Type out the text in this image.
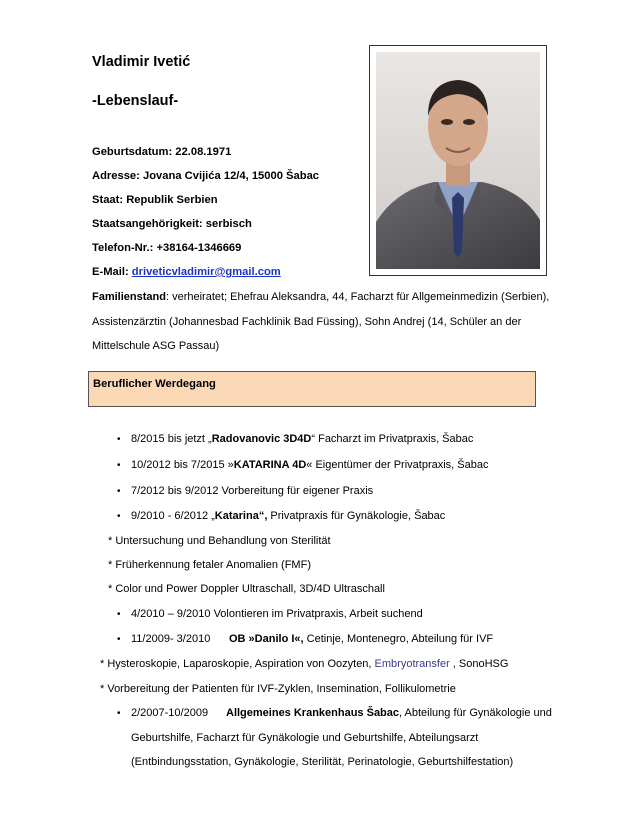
Vladimir Ivetić
-Lebenslauf-
Geburtsdatum: 22.08.1971
Adresse: Jovana Cvijića 12/4, 15000 Šabac
Staat: Republik Serbien
Staatsangehörigkeit: serbisch
Telefon-Nr.: +38164-1346669
E-Mail: driveticvladimir@gmail.com
Familienstand: verheiratet; Ehefrau Aleksandra, 44, Facharzt für Allgemeinmedizin (Serbien),
Assistenzärztin (Johannesbad Fachklinik Bad Füssing), Sohn Andrej (14, Schüler an der
Mittelschule ASG Passau)
Beruflicher Werdegang
• 8/2015 bis jetzt „Radovanovic 3D4D“ Facharzt im Privatpraxis, Šabac
• 10/2012 bis 7/2015 »KATARINA 4D« Eigentümer der Privatpraxis, Šabac
• 7/2012 bis 9/2012 Vorbereitung für eigener Praxis
• 9/2010 - 6/2012 „Katarina“, Privatpraxis für Gynäkologie, Šabac
* Untersuchung und Behandlung von Sterilität
* Früherkennung fetaler Anomalien (FMF)
* Color und Power Doppler Ultraschall, 3D/4D Ultraschall
• 4/2010 – 9/2010 Volontieren im Privatpraxis, Arbeit suchend
• 11/2009- 3/2010 OB »Danilo I«, Cetinje, Montenegro, Abteilung für IVF
* Hysteroskopie, Laparoskopie, Aspiration von Oozyten, Embryotransfer , SonoHSG
* Vorbereitung der Patienten für IVF-Zyklen, Insemination, Follikulometrie
• 2/2007-10/2009 Allgemeines Krankenhaus Šabac, Abteilung für Gynäkologie und
Geburtshilfe, Facharzt für Gynäkologie und Geburtshilfe, Abteilungsarzt
(Entbindungsstation, Gynäkologie, Sterilität, Perinatologie, Geburtshilfestation)
